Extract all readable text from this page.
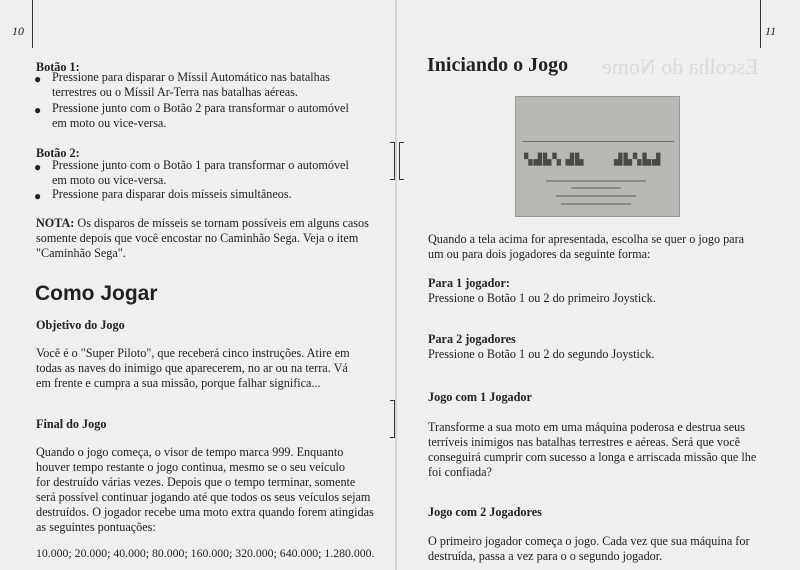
10
Botão 1:
● Pressione para disparar o Míssil Automático nas batalhas
terrestres ou o Míssil Ar-Terra nas batalhas aéreas.
● Pressione junto com o Botão 2 para transformar o automóvel
em moto ou vice-versa.
Botão 2:
● Pressione junto com o Botão 1 para transformar o automóvel
em moto ou vice-versa.
● Pressione para disparar dois mísseis simultâneos.
NOTA: Os disparos de mísseis se tornam possíveis em alguns casos
somente depois que você encostar no Caminhão Sega. Veja o item
"Caminhão Sega".
Como Jogar
Objetivo do Jogo
Você é o "Super Piloto", que receberá cinco instruções. Atire em
todas as naves do inimigo que aparecerem, no ar ou na terra. Vá
em frente e cumpra a sua missão, porque falhar significa...
Final do Jogo
Quando o jogo começa, o visor de tempo marca 999. Enquanto
houver tempo restante o jogo continua, mesmo se o seu veículo
for destruído várias vezes. Depois que o tempo terminar, somente
será possível continuar jogando até que todos os seus veículos sejam
destruídos. O jogador recebe uma moto extra quando forem atingidas
as seguintes pontuações:
10.000; 20.000; 40.000; 80.000; 160.000; 320.000; 640.000; 1.280.000.
11
Escolha do Nome
Iniciando o Jogo
▚▟▙▚ ▟▙	▟▙▚▙▟
Quando a tela acima for apresentada, escolha se quer o jogo para
um ou para dois jogadores da seguinte forma:
Para 1 jogador:
Pressione o Botão 1 ou 2 do primeiro Joystick.
Para 2 jogadores
Pressione o Botão 1 ou 2 do segundo Joystick.
Jogo com 1 Jogador
Transforme a sua moto em uma máquina poderosa e destrua seus
terríveis inimigos nas batalhas terrestres e aéreas. Será que você
conseguirá cumprir com sucesso a longa e arriscada missão que lhe
foi confiada?
Jogo com 2 Jogadores
O primeiro jogador começa o jogo. Cada vez que sua máquina for
destruída, passa a vez para o o segundo jogador.
